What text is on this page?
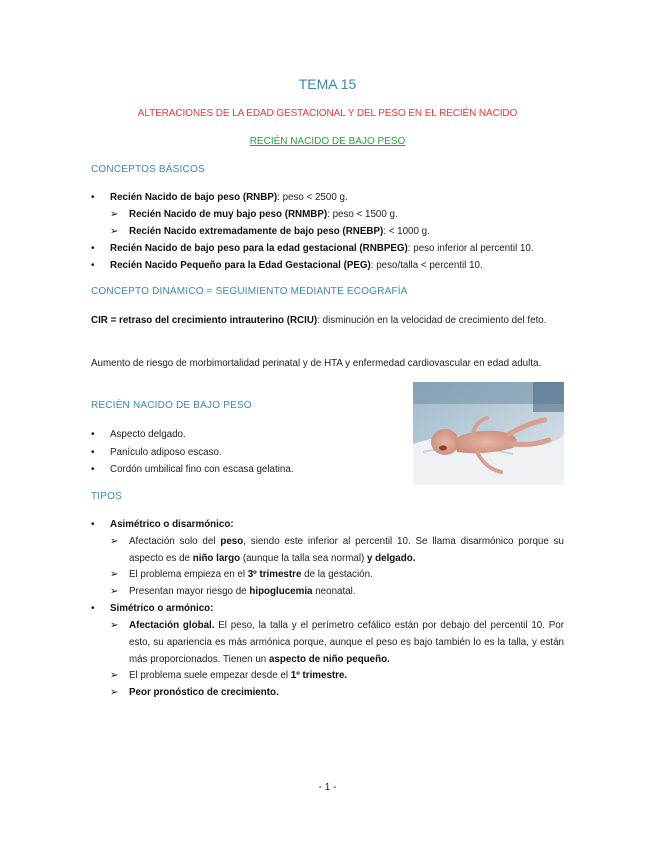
TEMA 15
ALTERACIONES DE LA EDAD GESTACIONAL Y DEL PESO EN EL RECIÉN NACIDO
RECIÉN NACIDO DE BAJO PESO
CONCEPTOS BÁSICOS
• Recién Nacido de bajo peso (RNBP): peso < 2500 g.
➢ Recién Nacido de muy bajo peso (RNMBP): peso < 1500 g.
➢ Recién Nacido extremadamente de bajo peso (RNEBP): < 1000 g.
• Recién Nacido de bajo peso para la edad gestacional (RNBPEG): peso inferior al percentil 10.
• Recién Nacido Pequeño para la Edad Gestacional (PEG): peso/talla < percentil 10.
CONCEPTO DINÁMICO = SEGUIMIENTO MEDIANTE ECOGRAFÍA
CIR = retraso del crecimiento intrauterino (RCIU): disminución en la velocidad de crecimiento del feto.
Aumento de riesgo de morbimortalidad perinatal y de HTA y enfermedad cardiovascular en edad adulta.
RECIÉN NACIDO DE BAJO PESO
• Aspecto delgado.
• Panículo adiposo escaso.
• Cordón umbilical fino con escasa gelatina.
TIPOS
• Asimétrico o disarmónico:
➢ Afectación solo del peso, siendo este inferior al percentil 10. Se llama disarmónico porque su aspecto es de niño largo (aunque la talla sea normal) y delgado.
➢ El problema empieza en el 3º trimestre de la gestación.
➢ Presentan mayor riesgo de hipoglucemia neonatal.
• Simétrico o armónico:
➢ Afectación global. El peso, la talla y el perímetro cefálico están por debajo del percentil 10. Por esto, su apariencia es más armónica porque, aunque el peso es bajo también lo es la talla, y están más proporcionados. Tienen un aspecto de niño pequeño.
➢ El problema suele empezar desde el 1º trimestre.
➢ Peor pronóstico de crecimiento.
- 1 -
